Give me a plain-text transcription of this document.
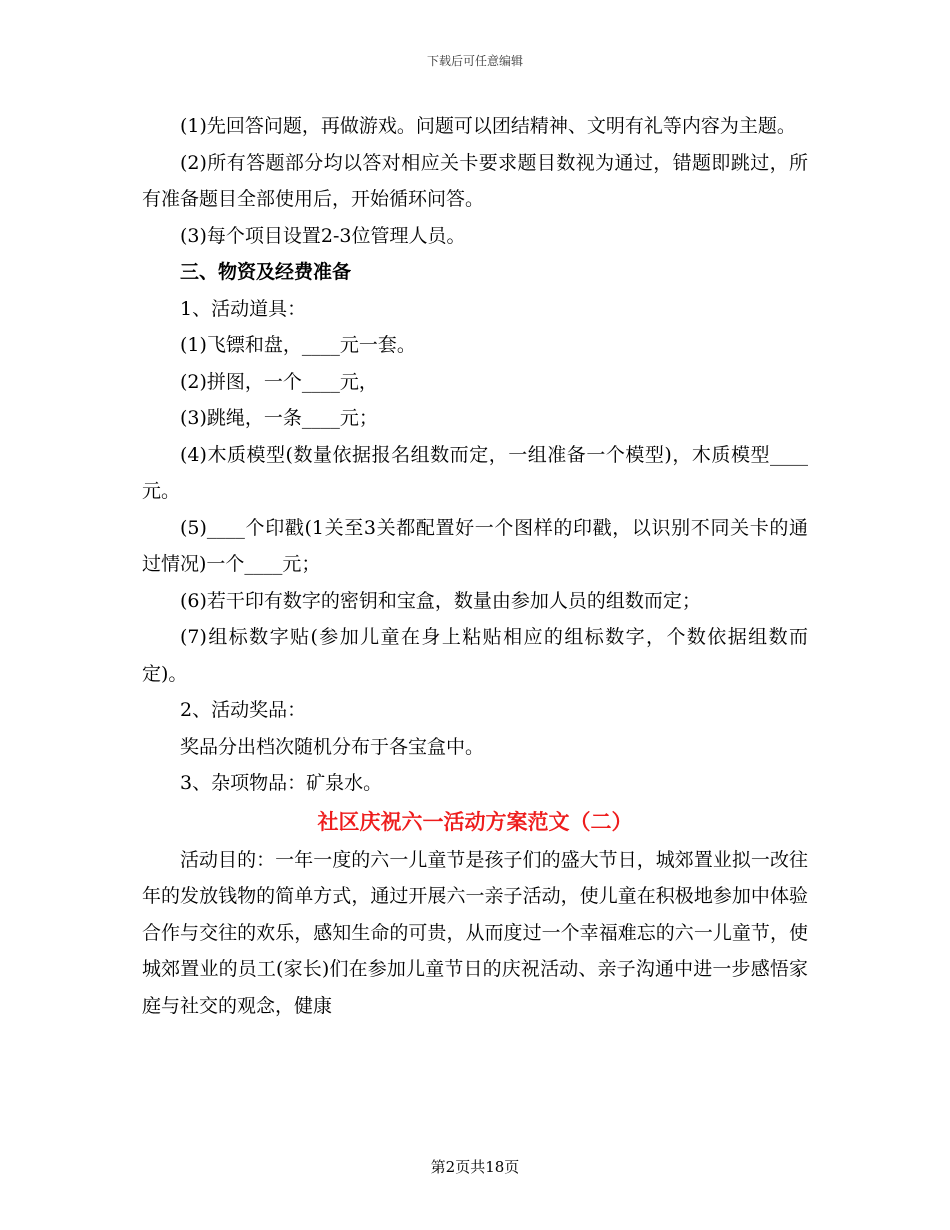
下载后可任意编辑

(1)先回答问题，再做游戏。问题可以团结精神、文明有礼等内容为主题。

(2)所有答题部分均以答对相应关卡要求题目数视为通过，错题即跳过，所有准备题目全部使用后，开始循环问答。

(3)每个项目设置2-3位管理人员。

三、物资及经费准备

1、活动道具：

(1)飞镖和盘，____元一套。

(2)拼图，一个____元，

(3)跳绳，一条____元；

(4)木质模型(数量依据报名组数而定，一组准备一个模型)，木质模型____元。

(5)____个印戳(1关至3关都配置好一个图样的印戳，以识别不同关卡的通过情况)一个____元；

(6)若干印有数字的密钥和宝盒，数量由参加人员的组数而定；

(7)组标数字贴(参加儿童在身上粘贴相应的组标数字，个数依据组数而定)。

2、活动奖品：

奖品分出档次随机分布于各宝盒中。

3、杂项物品：矿泉水。

社区庆祝六一活动方案范文（二）

活动目的：一年一度的六一儿童节是孩子们的盛大节日，城郊置业拟一改往年的发放钱物的简单方式，通过开展六一亲子活动，使儿童在积极地参加中体验合作与交往的欢乐，感知生命的可贵，从而度过一个幸福难忘的六一儿童节，使城郊置业的员工(家长)们在参加儿童节日的庆祝活动、亲子沟通中进一步感悟家庭与社交的观念，健康

第2页共18页
